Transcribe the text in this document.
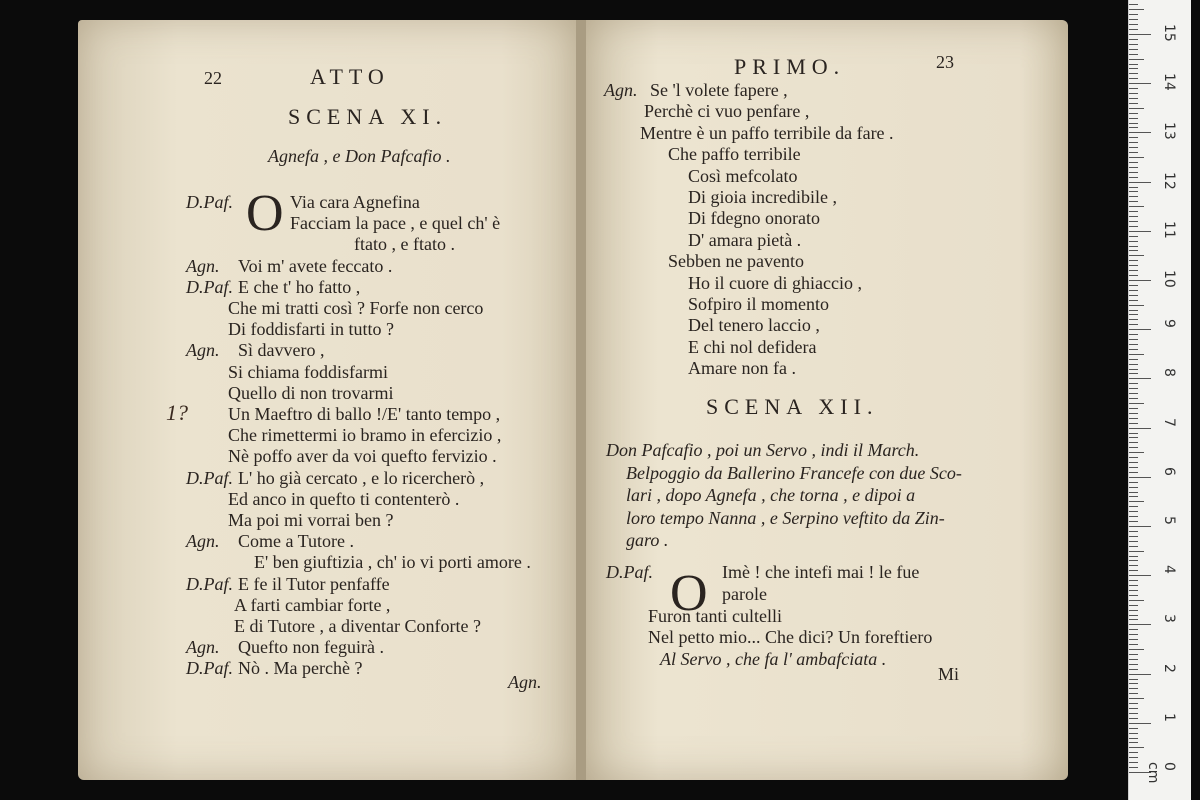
22	ATTO
SCENA XI.
Agnefa , e Don Pafcafio .
O
D.Paf.	Via cara Agnefina
Facciam la pace , e quel ch' è
ftato , e ftato .
Agn. Voi m' avete feccato .
D.Paf. E che t' ho fatto ,
Che mi tratti così ? Forfe non cerco
Di foddisfarti in tutto ?
Agn. Sì davvero ,
Si chiama foddisfarmi
Quello di non trovarmi
Un Maeftro di ballo !/E' tanto tempo ,
Che rimettermi io bramo in efercizio ,
Nè poffo aver da voi quefto fervizio .
D.Paf. L' ho già cercato , e lo ricercherò ,
Ed anco in quefto ti contenterò .
Ma poi mi vorrai ben ?
Agn. Come a Tutore .
E' ben giuftizia , ch' io vi porti amore .
D.Paf. E fe il Tutor penfaffe
A farti cambiar forte ,
E di Tutore , a diventar Conforte ?
Agn. Quefto non feguirà .
D.Paf. Nò . Ma perchè ?
1?
Agn.
PRIMO.	23
Agn. Se 'l volete fapere ,
Perchè ci vuo penfare ,
Mentre è un paffo terribile da fare .
Che paffo terribile
Così mefcolato
Di gioia incredibile ,
Di fdegno onorato
D' amara pietà .
Sebben ne pavento
Ho il cuore di ghiaccio ,
Sofpiro il momento
Del tenero laccio ,
E chi nol defidera
Amare non fa .
SCENA XII.
Don Pafcafio , poi un Servo , indi il March.
Belpoggio da Ballerino Francefe con due Sco-
lari , dopo Agnefa , che torna , e dipoi a
loro tempo Nanna , e Serpino veftito da Zin-
garo .
O
D.Paf.	Imè ! che intefi mai ! le fue
parole
Furon tanti cultelli
Nel petto mio... Che dici? Un foreftiero
Al Servo , che fa l' ambafciata .
Mi
0 cm
1
2
3
4
5
6
7
8
9
10
11
12
13
14
15
